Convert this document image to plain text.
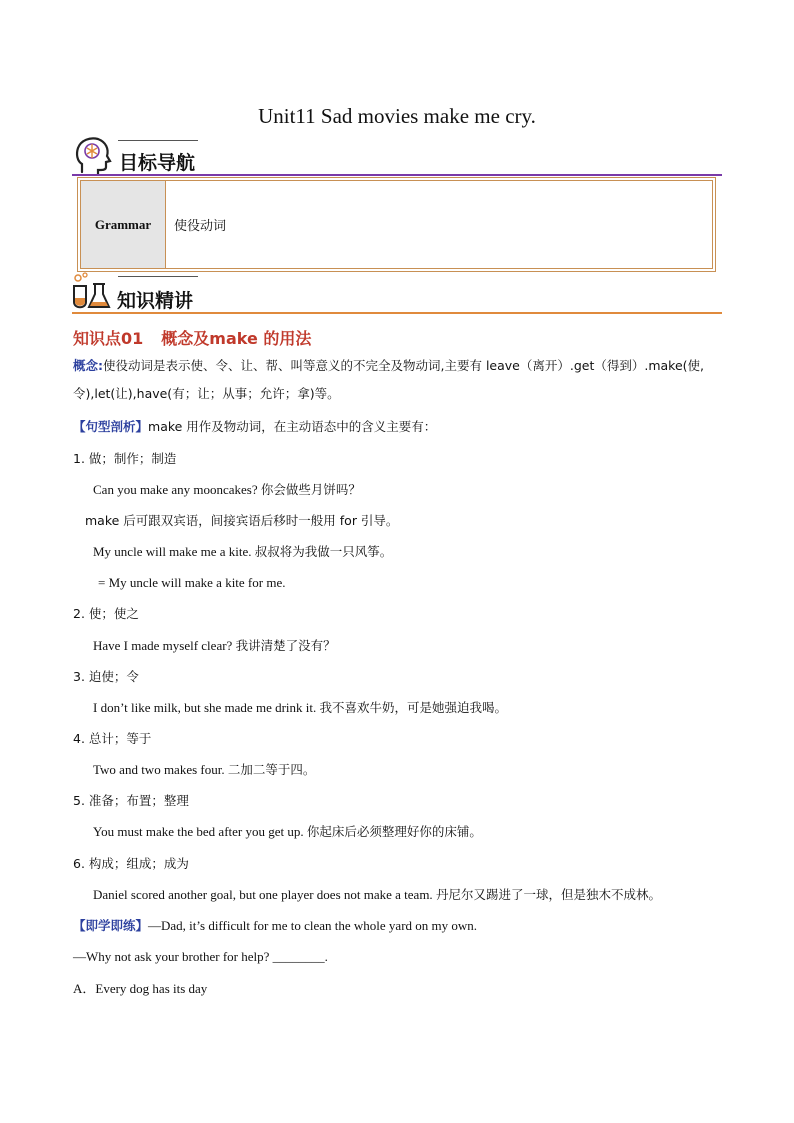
Unit11 Sad movies make me cry.
目标导航
Grammar	使役动词
知识精讲
知识点01 概念及make 的用法
概念:使役动词是表示使、令、让、帮、叫等意义的不完全及物动词,主要有 leave（离开）.get（得到）.make(使,
令),let(让),have(有；让；从事；允许；拿)等。
【句型剖析】make 用作及物动词，在主动语态中的含义主要有：
1. 做；制作；制造
Can you make any mooncakes? 你会做些月饼吗？
make 后可跟双宾语，间接宾语后移时一般用 for 引导。
My uncle will make me a kite. 叔叔将为我做一只风筝。
= My uncle will make a kite for me.
2. 使；使之
Have I made myself clear? 我讲清楚了没有？
3. 迫使；令
I don’t like milk, but she made me drink it. 我不喜欢牛奶，可是她强迫我喝。
4. 总计；等于
Two and two makes four. 二加二等于四。
5. 准备；布置；整理
You must make the bed after you get up. 你起床后必须整理好你的床铺。
6. 构成；组成；成为
Daniel scored another goal, but one player does not make a team. 丹尼尔又踢进了一球，但是独木不成林。
【即学即练】—Dad, it’s difficult for me to clean the whole yard on my own.
—Why not ask your brother for help? ________.
A．Every dog has its day
